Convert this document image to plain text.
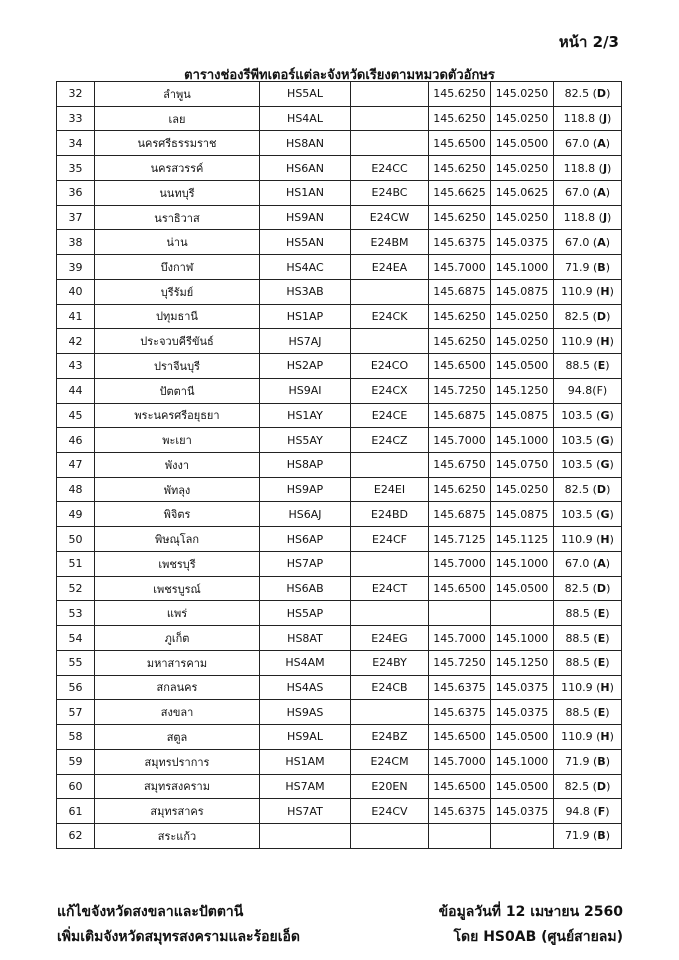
หน้า 2/3
ตารางช่องรีพีทเตอร์แต่ละจังหวัดเรียงตามหมวดตัวอักษร
32	ลำพูน	HS5AL		145.6250	145.0250	82.5 (D)
33	เลย	HS4AL		145.6250	145.0250	118.8 (J)
34	นครศรีธรรมราช	HS8AN		145.6500	145.0500	67.0 (A)
35	นครสวรรค์	HS6AN	E24CC	145.6250	145.0250	118.8 (J)
36	นนทบุรี	HS1AN	E24BC	145.6625	145.0625	67.0 (A)
37	นราธิวาส	HS9AN	E24CW	145.6250	145.0250	118.8 (J)
38	น่าน	HS5AN	E24BM	145.6375	145.0375	67.0 (A)
39	บึงกาฬ	HS4AC	E24EA	145.7000	145.1000	71.9 (B)
40	บุรีรัมย์	HS3AB		145.6875	145.0875	110.9 (H)
41	ปทุมธานี	HS1AP	E24CK	145.6250	145.0250	82.5 (D)
42	ประจวบคีรีขันธ์	HS7AJ		145.6250	145.0250	110.9 (H)
43	ปราจีนบุรี	HS2AP	E24CO	145.6500	145.0500	88.5 (E)
44	ปัตตานี	HS9AI	E24CX	145.7250	145.1250	94.8(F)
45	พระนครศรีอยุธยา	HS1AY	E24CE	145.6875	145.0875	103.5 (G)
46	พะเยา	HS5AY	E24CZ	145.7000	145.1000	103.5 (G)
47	พังงา	HS8AP		145.6750	145.0750	103.5 (G)
48	พัทลุง	HS9AP	E24EI	145.6250	145.0250	82.5 (D)
49	พิจิตร	HS6AJ	E24BD	145.6875	145.0875	103.5 (G)
50	พิษณุโลก	HS6AP	E24CF	145.7125	145.1125	110.9 (H)
51	เพชรบุรี	HS7AP		145.7000	145.1000	67.0 (A)
52	เพชรบูรณ์	HS6AB	E24CT	145.6500	145.0500	82.5 (D)
53	แพร่	HS5AP				88.5 (E)
54	ภูเก็ต	HS8AT	E24EG	145.7000	145.1000	88.5 (E)
55	มหาสารคาม	HS4AM	E24BY	145.7250	145.1250	88.5 (E)
56	สกลนคร	HS4AS	E24CB	145.6375	145.0375	110.9 (H)
57	สงขลา	HS9AS		145.6375	145.0375	88.5 (E)
58	สตูล	HS9AL	E24BZ	145.6500	145.0500	110.9 (H)
59	สมุทรปราการ	HS1AM	E24CM	145.7000	145.1000	71.9 (B)
60	สมุทรสงคราม	HS7AM	E20EN	145.6500	145.0500	82.5 (D)
61	สมุทรสาคร	HS7AT	E24CV	145.6375	145.0375	94.8 (F)
62	สระแก้ว					71.9 (B)
แก้ไขจังหวัดสงขลาและปัตตานี
เพิ่มเติมจังหวัดสมุทรสงครามและร้อยเอ็ด
ข้อมูลวันที่ 12 เมษายน 2560
โดย HS0AB (ศูนย์สายลม)
